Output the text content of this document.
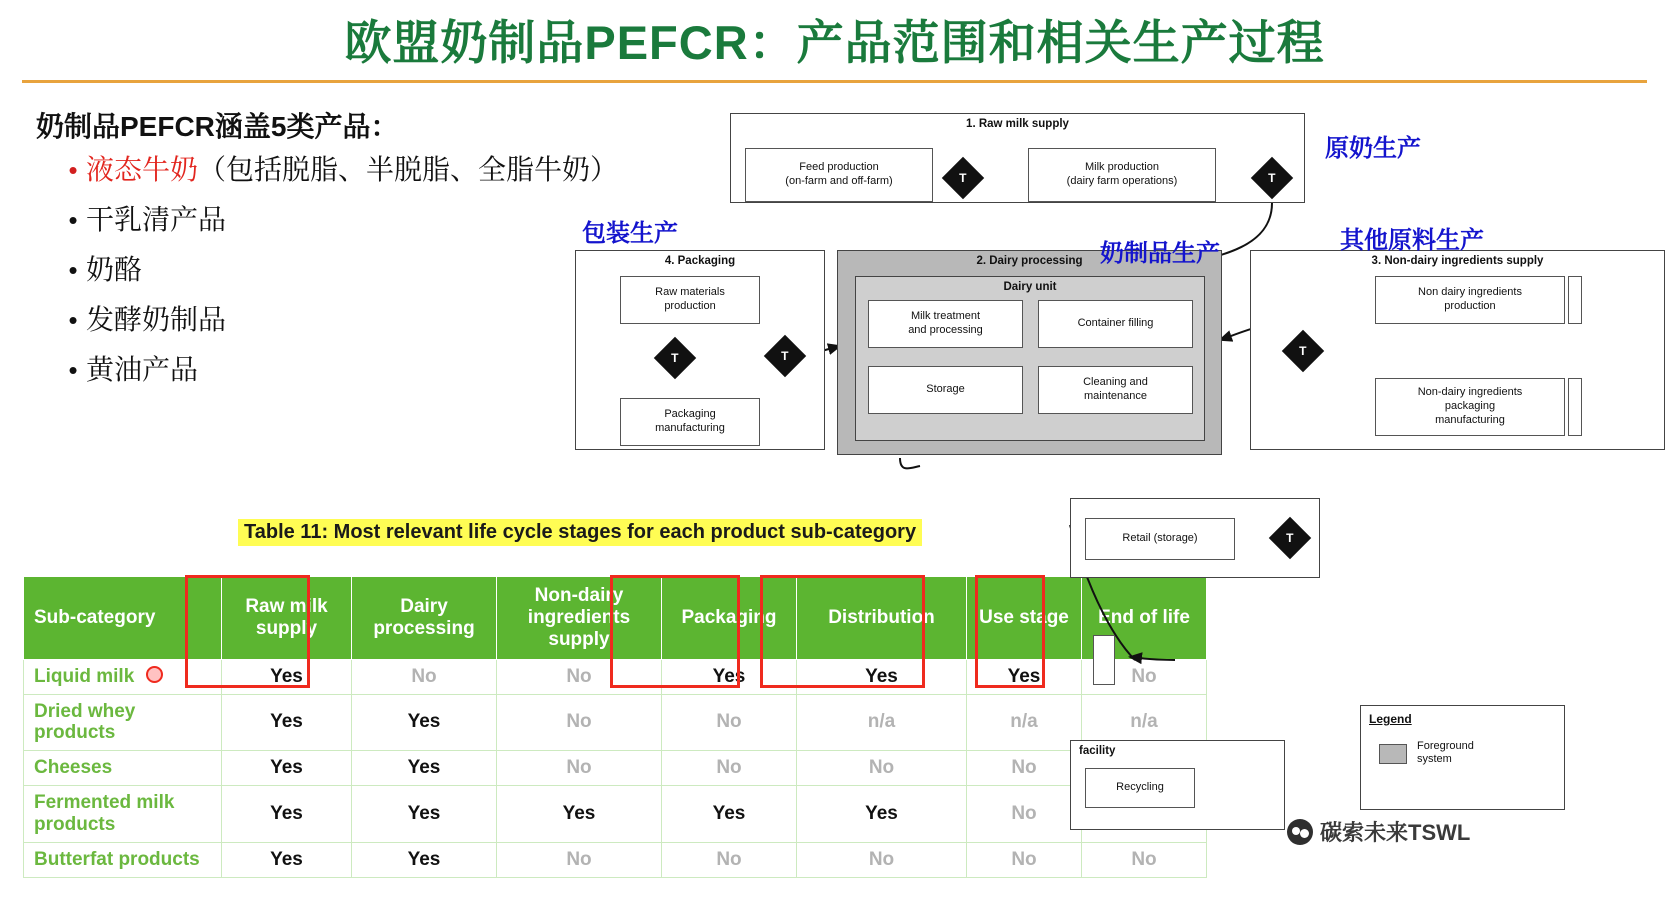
欧盟奶制品PEFCR：产品范围和相关生产过程
奶制品PEFCR涵盖5类产品：
• 液态牛奶（包括脱脂、半脱脂、全脂牛奶）
• 干乳清产品
• 奶酪
• 发酵奶制品
• 黄油产品
1. Raw milk supply
Feed production
(on-farm and off-farm)
Milk production
(dairy farm operations)
T	T
4. Packaging
Raw materials
production
Packaging
manufacturing
T	T
2. Dairy processing
Dairy unit
Milk treatment
and processing
Container filling
Storage
Cleaning and
maintenance
3. Non-dairy ingredients supply
Non dairy ingredients
production
Non-dairy ingredients
packaging
manufacturing
T
原奶生产
包装生产
奶制品生产	其他原料生产
Table 11: Most relevant life cycle stages for each product sub-category
Sub-category	Raw milk supply	Dairy processing	Non-dairy ingredients supply	Packaging	Distribution	Use stage	End of life
Liquid milk	Yes	No	No	Yes	Yes	Yes	No
Dried whey products	Yes	Yes	No	No	n/a	n/a	n/a
Cheeses	Yes	Yes	No	No	No	No	
Fermented milk products	Yes	Yes	Yes	Yes	Yes	No	
Butterfat products	Yes	Yes	No	No	No	No	No
Retail (storage)	T
facility
Recycling
Legend
Foreground
system
碳索未来TSWL
